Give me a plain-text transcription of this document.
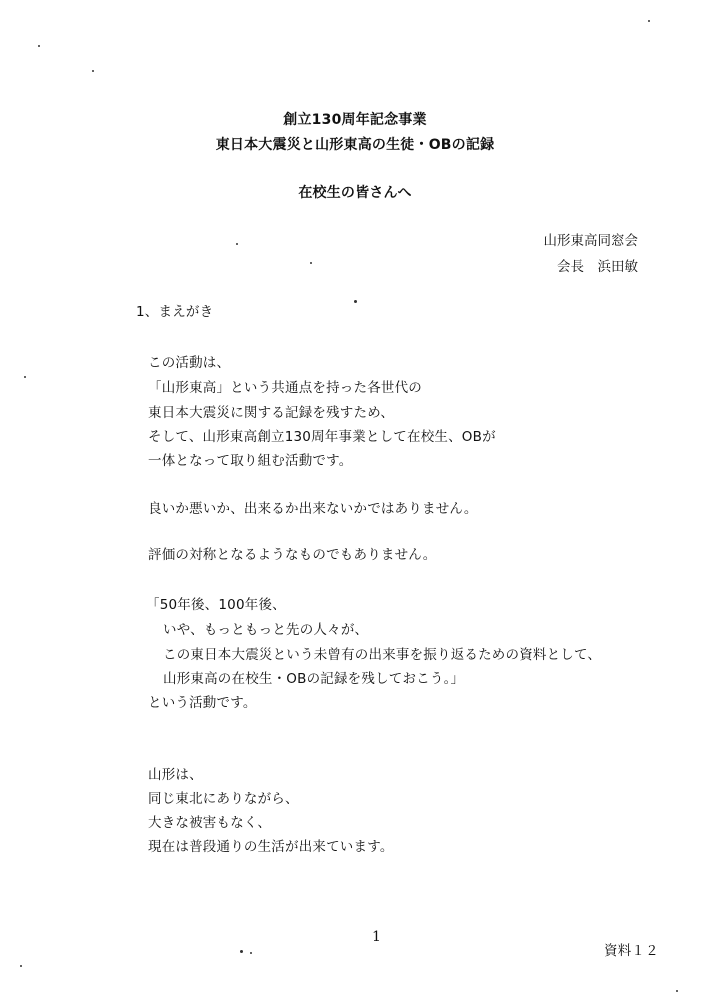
創立130周年記念事業
東日本大震災と山形東高の生徒・OBの記録
在校生の皆さんへ
山形東高同窓会
会長　浜田敏
1、まえがき
この活動は、
「山形東高」という共通点を持った各世代の
東日本大震災に関する記録を残すため、
そして、山形東高創立130周年事業として在校生、OBが
一体となって取り組む活動です。
良いか悪いか、出来るか出来ないかではありません。
評価の対称となるようなものでもありません。
「50年後、100年後、
いや、もっともっと先の人々が、
この東日本大震災という未曾有の出来事を振り返るための資料として、
山形東高の在校生・OBの記録を残しておこう。」
という活動です。
山形は、
同じ東北にありながら、
大きな被害もなく、
現在は普段通りの生活が出来ています。
1
資料１２
